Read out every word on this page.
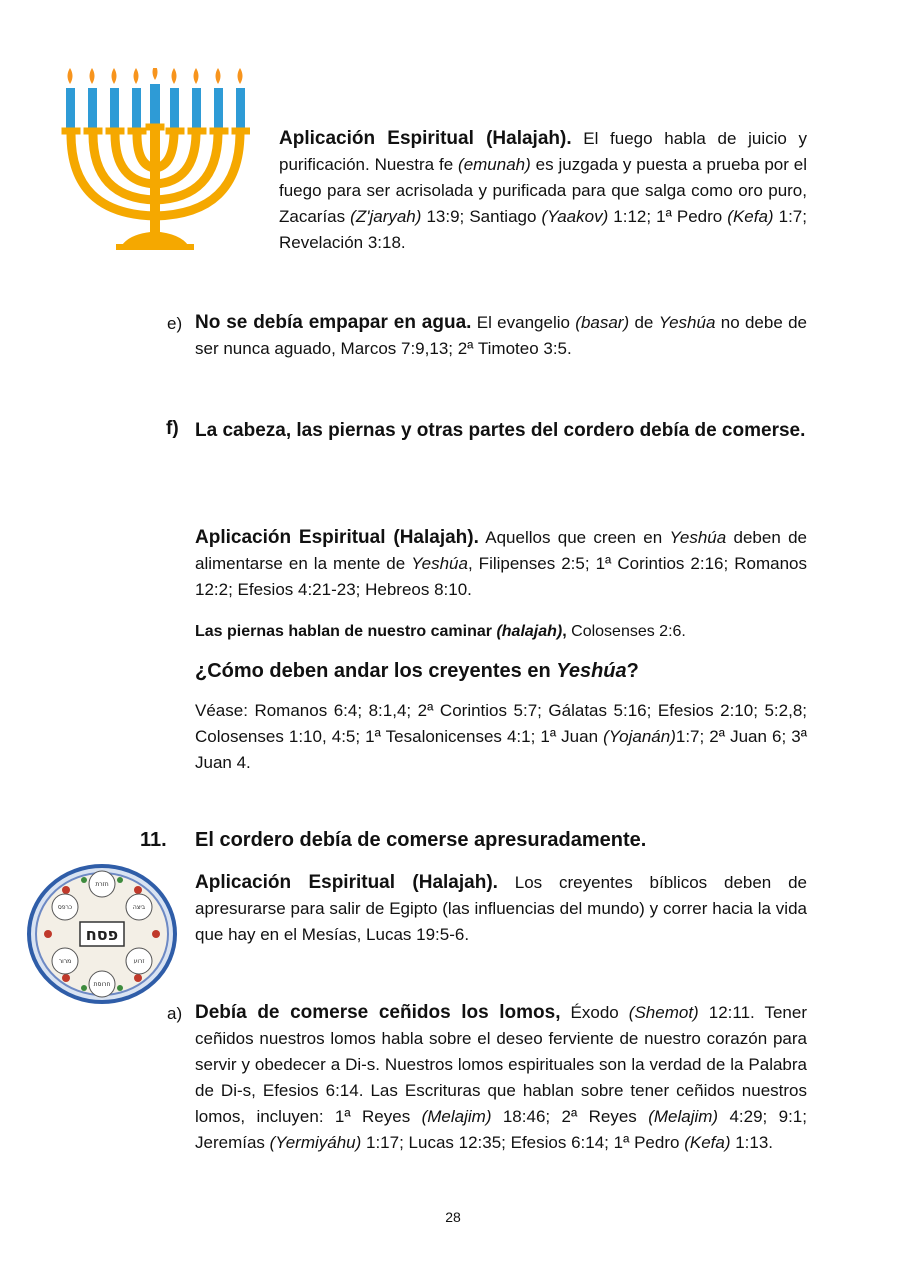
Aplicación Espiritual (Halajah). El fuego habla de juicio y purificación. Nuestra fe (emunah) es juzgada y puesta a prueba por el fuego para ser acrisolada y purificada para que salga como oro puro, Zacarías (Z'jaryah) 13:9; Santiago (Yaakov) 1:12; 1ª Pedro (Kefa) 1:7; Revelación 3:18.
e) No se debía empapar en agua. El evangelio (basar) de Yeshúa no debe de ser nunca aguado, Marcos 7:9,13; 2ª Timoteo 3:5.
f) La cabeza, las piernas y otras partes del cordero debía de comerse.
Aplicación Espiritual (Halajah). Aquellos que creen en Yeshúa deben de alimentarse en la mente de Yeshúa, Filipenses 2:5; 1ª Corintios 2:16; Romanos 12:2; Efesios 4:21-23; Hebreos 8:10.
Las piernas hablan de nuestro caminar (halajah), Colosenses 2:6.
¿Cómo deben andar los creyentes en Yeshúa?
Véase: Romanos 6:4; 8:1,4; 2ª Corintios 5:7; Gálatas 5:16; Efesios 2:10; 5:2,8; Colosenses 1:10, 4:5; 1ª Tesalonicenses 4:1; 1ª Juan (Yojanán)1:7; 2ª Juan 6; 3ª Juan 4.
11. El cordero debía de comerse apresuradamente.
פסח
חזרת
ביצה
זרוע
חרוסת
מרור
כרפס
Aplicación Espiritual (Halajah). Los creyentes bíblicos deben de apresurarse para salir de Egipto (las influencias del mundo) y correr hacia la vida que hay en el Mesías, Lucas 19:5-6.
a) Debía de comerse ceñidos los lomos, Éxodo (Shemot) 12:11. Tener ceñidos nuestros lomos habla sobre el deseo ferviente de nuestro corazón para servir y obedecer a Di-s. Nuestros lomos espirituales son la verdad de la Palabra de Di-s, Efesios 6:14. Las Escrituras que hablan sobre tener ceñidos nuestros lomos, incluyen: 1ª Reyes (Melajim) 18:46; 2ª Reyes (Melajim) 4:29; 9:1; Jeremías (Yermiyáhu) 1:17; Lucas 12:35; Efesios 6:14; 1ª Pedro (Kefa) 1:13.
28
